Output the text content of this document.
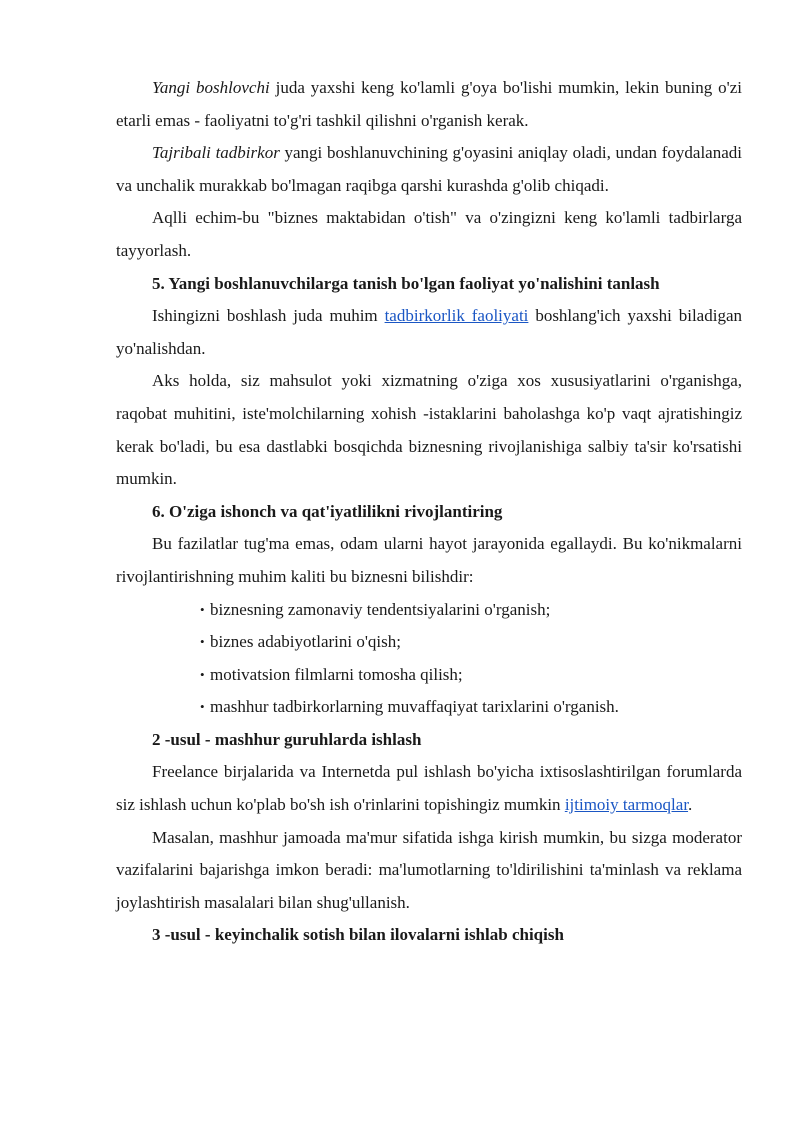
Yangi boshlovchi juda yaxshi keng ko'lamli g'oya bo'lishi mumkin, lekin buning o'zi etarli emas - faoliyatni to'g'ri tashkil qilishni o'rganish kerak.

Tajribali tadbirkor yangi boshlanuvchining g'oyasini aniqlay oladi, undan foydalanadi va unchalik murakkab bo'lmagan raqibga qarshi kurashda g'olib chiqadi.

Aqlli echim-bu "biznes maktabidan o'tish" va o'zingizni keng ko'lamli tadbirlarga tayyorlash.

5. Yangi boshlanuvchilarga tanish bo'lgan faoliyat yo'nalishini tanlash

Ishingizni boshlash juda muhim tadbirkorlik faoliyati boshlang'ich yaxshi biladigan yo'nalishdan.

Aks holda, siz mahsulot yoki xizmatning o'ziga xos xususiyatlarini o'rganishga, raqobat muhitini, iste'molchilarning xohish -istaklarini baholashga ko'p vaqt ajratishingiz kerak bo'ladi, bu esa dastlabki bosqichda biznesning rivojlanishiga salbiy ta'sir ko'rsatishi mumkin.

6. O'ziga ishonch va qat'iyatlilikni rivojlantiring

Bu fazilatlar tug'ma emas, odam ularni hayot jarayonida egallaydi. Bu ko'nikmalarni rivojlantirishning muhim kaliti bu biznesni bilishdir:

• biznesning zamonaviy tendentsiyalarini o'rganish;
• biznes adabiyotlarini o'qish;
• motivatsion filmlarni tomosha qilish;
• mashhur tadbirkorlarning muvaffaqiyat tarixlarini o'rganish.

2 -usul - mashhur guruhlarda ishlash

Freelance birjalarida va Internetda pul ishlash bo'yicha ixtisoslashtirilgan forumlarda siz ishlash uchun ko'plab bo'sh ish o'rinlarini topishingiz mumkin ijtimoiy tarmoqlar.

Masalan, mashhur jamoada ma'mur sifatida ishga kirish mumkin, bu sizga moderator vazifalarini bajarishga imkon beradi: ma'lumotlarning to'ldirilishini ta'minlash va reklama joylashtirish masalalari bilan shug'ullanish.

3 -usul - keyinchalik sotish bilan ilovalarni ishlab chiqish
